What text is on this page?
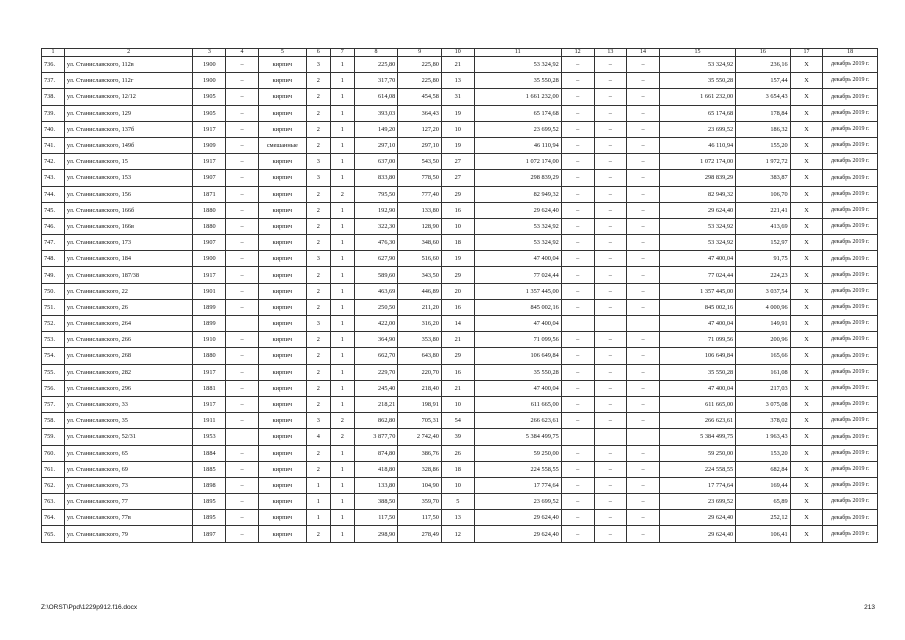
1	2	3	4	5	6	7	8	9	10	11	12	13	14	15	16	17	18
736.	ул. Станиславского, 112в	1900	–	кирпич	3	1	225,80	225,80	21	53 324,92	–	–	–	53 324,92	236,16	Х	декабрь 2019 г.
737.	ул. Станиславского, 112г	1900	–	кирпич	2	1	317,70	225,80	13	35 550,28	–	–	–	35 550,28	157,44	Х	декабрь 2019 г.
738.	ул. Станиславского, 12/12	1905	–	кирпич	2	1	614,08	454,58	31	1 661 232,00	–	–	–	1 661 232,00	3 654,43	Х	декабрь 2019 г.
739.	ул. Станиславского, 129	1905	–	кирпич	2	1	393,03	364,43	19	65 174,68	–	–	–	65 174,68	178,84	Х	декабрь 2019 г.
740.	ул. Станиславского, 137б	1917	–	кирпич	2	1	149,20	127,20	10	23 699,52	–	–	–	23 699,52	186,32	Х	декабрь 2019 г.
741.	ул. Станиславского, 149б	1909	–	смешанные	2	1	297,10	297,10	19	46 110,94	–	–	–	46 110,94	155,20	Х	декабрь 2019 г.
742.	ул. Станиславского, 15	1917	–	кирпич	3	1	637,00	543,50	27	1 072 174,00	–	–	–	1 072 174,00	1 972,72	Х	декабрь 2019 г.
743.	ул. Станиславского, 153	1907	–	кирпич	3	1	833,80	778,50	27	298 839,29	–	–	–	298 839,29	383,87	Х	декабрь 2019 г.
744.	ул. Станиславского, 156	1871	–	кирпич	2	2	795,50	777,40	29	82 949,32	–	–	–	82 949,32	106,70	Х	декабрь 2019 г.
745.	ул. Станиславского, 166б	1880	–	кирпич	2	1	192,90	133,80	16	29 624,40	–	–	–	29 624,40	221,41	Х	декабрь 2019 г.
746.	ул. Станиславского, 166в	1880	–	кирпич	2	1	322,30	128,90	10	53 324,92	–	–	–	53 324,92	413,69	Х	декабрь 2019 г.
747.	ул. Станиславского, 173	1907	–	кирпич	2	1	476,30	348,60	18	53 324,92	–	–	–	53 324,92	152,97	Х	декабрь 2019 г.
748.	ул. Станиславского, 184	1900	–	кирпич	3	1	627,90	516,60	19	47 400,04	–	–	–	47 400,04	91,75	Х	декабрь 2019 г.
749.	ул. Станиславского, 187/38	1917	–	кирпич	2	1	589,60	343,50	29	77 024,44	–	–	–	77 024,44	224,23	Х	декабрь 2019 г.
750.	ул. Станиславского, 22	1901	–	кирпич	2	1	463,69	446,89	20	1 357 445,00	–	–	–	1 357 445,00	3 037,54	Х	декабрь 2019 г.
751.	ул. Станиславского, 26	1899	–	кирпич	2	1	250,50	211,20	16	845 002,16	–	–	–	845 002,16	4 000,96	Х	декабрь 2019 г.
752.	ул. Станиславского, 264	1899		кирпич	3	1	422,00	316,20	14	47 400,04				47 400,04	149,91	Х	декабрь 2019 г.
753.	ул. Станиславского, 266	1910	–	кирпич	2	1	364,90	353,80	21	71 099,56	–	–	–	71 099,56	200,96	Х	декабрь 2019 г.
754.	ул. Станиславского, 268	1880	–	кирпич	2	1	662,70	643,80	29	106 649,84	–	–	–	106 649,84	165,66	Х	декабрь 2019 г.
755.	ул. Станиславского, 282	1917	–	кирпич	2	1	229,70	220,70	16	35 550,28	–	–	–	35 550,28	161,08	Х	декабрь 2019 г.
756.	ул. Станиславского, 296	1881	–	кирпич	2	1	245,40	218,40	21	47 400,04	–	–	–	47 400,04	217,03	Х	декабрь 2019 г.
757.	ул. Станиславского, 33	1917	–	кирпич	2	1	218,21	198,91	10	611 665,00	–	–	–	611 665,00	3 075,08	Х	декабрь 2019 г.
758.	ул. Станиславского, 35	1911	–	кирпич	3	2	862,80	705,31	54	266 623,61	–	–	–	266 623,61	378,02	Х	декабрь 2019 г.
759.	ул. Станиславского, 52/31	1953		кирпич	4	2	3 877,70	2 742,40	39	5 384 499,75				5 384 499,75	1 963,43	Х	декабрь 2019 г.
760.	ул. Станиславского, 65	1884	–	кирпич	2	1	874,80	386,76	26	59 250,00	–	–	–	59 250,00	153,20	Х	декабрь 2019 г.
761.	ул. Станиславского, 69	1885	–	кирпич	2	1	418,80	328,86	18	224 558,55	–	–	–	224 558,55	682,84	Х	декабрь 2019 г.
762.	ул. Станиславского, 73	1898	–	кирпич	1	1	133,80	104,90	10	17 774,64	–	–	–	17 774,64	169,44	Х	декабрь 2019 г.
763.	ул. Станиславского, 77	1895	–	кирпич	1	1	388,50	359,70	5	23 699,52	–	–	–	23 699,52	65,89	Х	декабрь 2019 г.
764.	ул. Станиславского, 77в	1895	–	кирпич	1	1	117,50	117,50	13	29 624,40	–	–	–	29 624,40	252,12	Х	декабрь 2019 г.
765.	ул. Станиславского, 79	1897	–	кирпич	2	1	298,90	278,49	12	29 624,40	–	–	–	29 624,40	106,41	Х	декабрь 2019 г.
Z:\ORST\Ppd\1229p912.f16.docx	213
